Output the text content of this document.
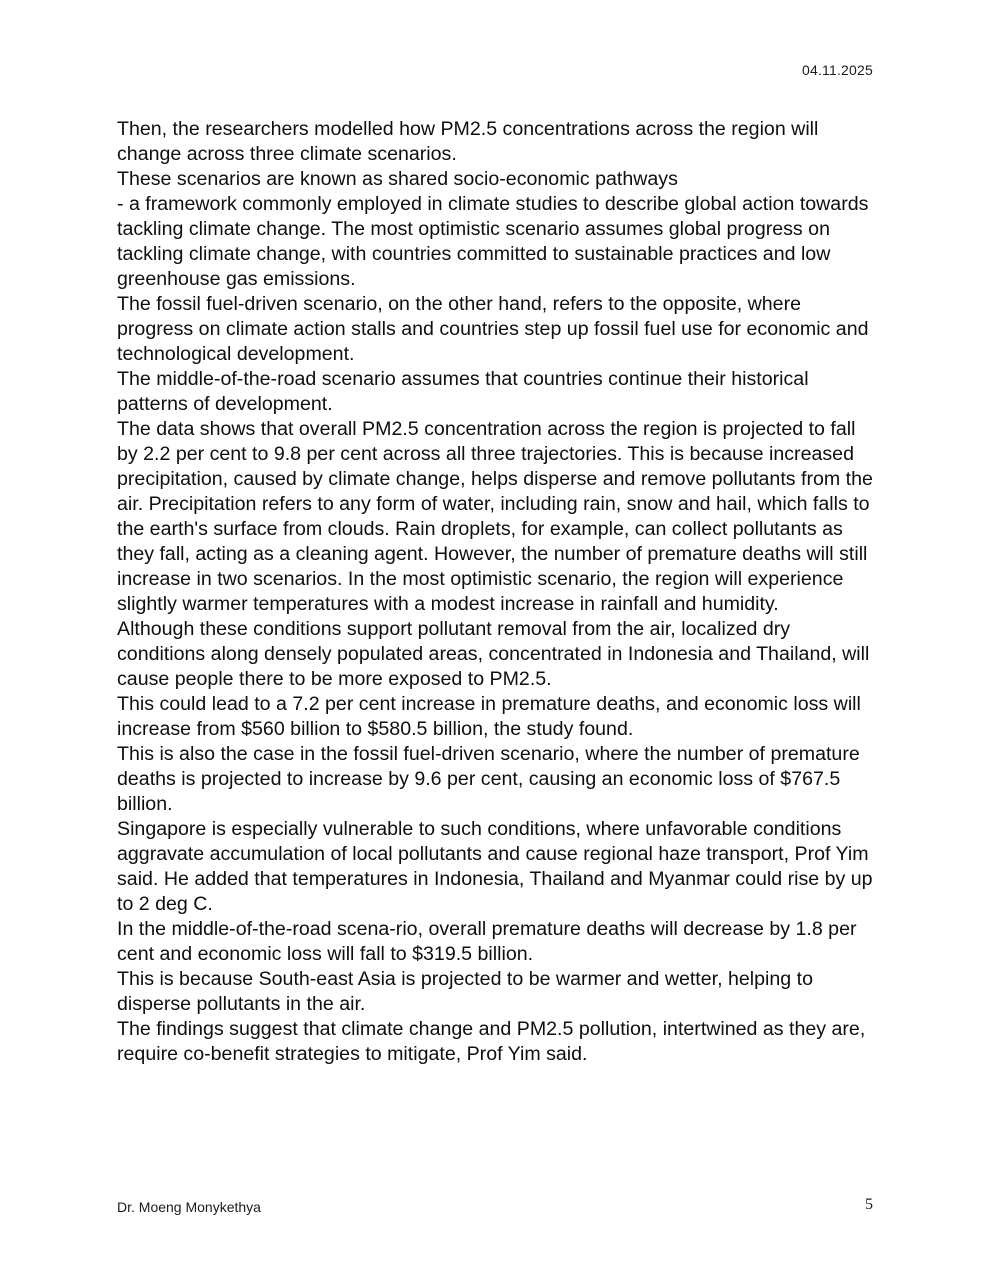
04.11.2025

Then, the researchers modelled how PM2.5 concentrations across the region will change across three climate scenarios.

These scenarios are known as shared socio-economic pathways

- a framework commonly employed in climate studies to describe global action towards tackling climate change. The most optimistic scenario assumes global progress on tackling climate change, with countries committed to sustainable practices and low greenhouse gas emissions.

The fossil fuel-driven scenario, on the other hand, refers to the opposite, where progress on climate action stalls and countries step up fossil fuel use for economic and technological development.

The middle-of-the-road scenario assumes that countries continue their historical patterns of development.

The data shows that overall PM2.5 concentration across the region is projected to fall by 2.2 per cent to 9.8 per cent across all three trajectories. This is because increased precipitation, caused by climate change, helps disperse and remove pollutants from the air. Precipitation refers to any form of water, including rain, snow and hail, which falls to the earth's surface from clouds. Rain droplets, for example, can collect pollutants as they fall, acting as a cleaning agent. However, the number of premature deaths will still increase in two scenarios. In the most optimistic scenario, the region will experience slightly warmer temperatures with a modest increase in rainfall and humidity.

Although these conditions support pollutant removal from the air, localized dry conditions along densely populated areas, concentrated in Indonesia and Thailand, will cause people there to be more exposed to PM2.5.

This could lead to a 7.2 per cent increase in premature deaths, and economic loss will increase from $560 billion to $580.5 billion, the study found.

This is also the case in the fossil fuel-driven scenario, where the number of premature deaths is projected to increase by 9.6 per cent, causing an economic loss of $767.5 billion.

Singapore is especially vulnerable to such conditions, where unfavorable conditions aggravate accumulation of local pollutants and cause regional haze transport, Prof Yim said. He added that temperatures in Indonesia, Thailand and Myanmar could rise by up to 2 deg C.

In the middle-of-the-road scena-rio, overall premature deaths will decrease by 1.8 per cent and economic loss will fall to $319.5 billion.

This is because South-east Asia is projected to be warmer and wetter, helping to disperse pollutants in the air.

The findings suggest that climate change and PM2.5 pollution, intertwined as they are, require co-benefit strategies to mitigate, Prof Yim said.

Dr. Moeng Monykethya	5
